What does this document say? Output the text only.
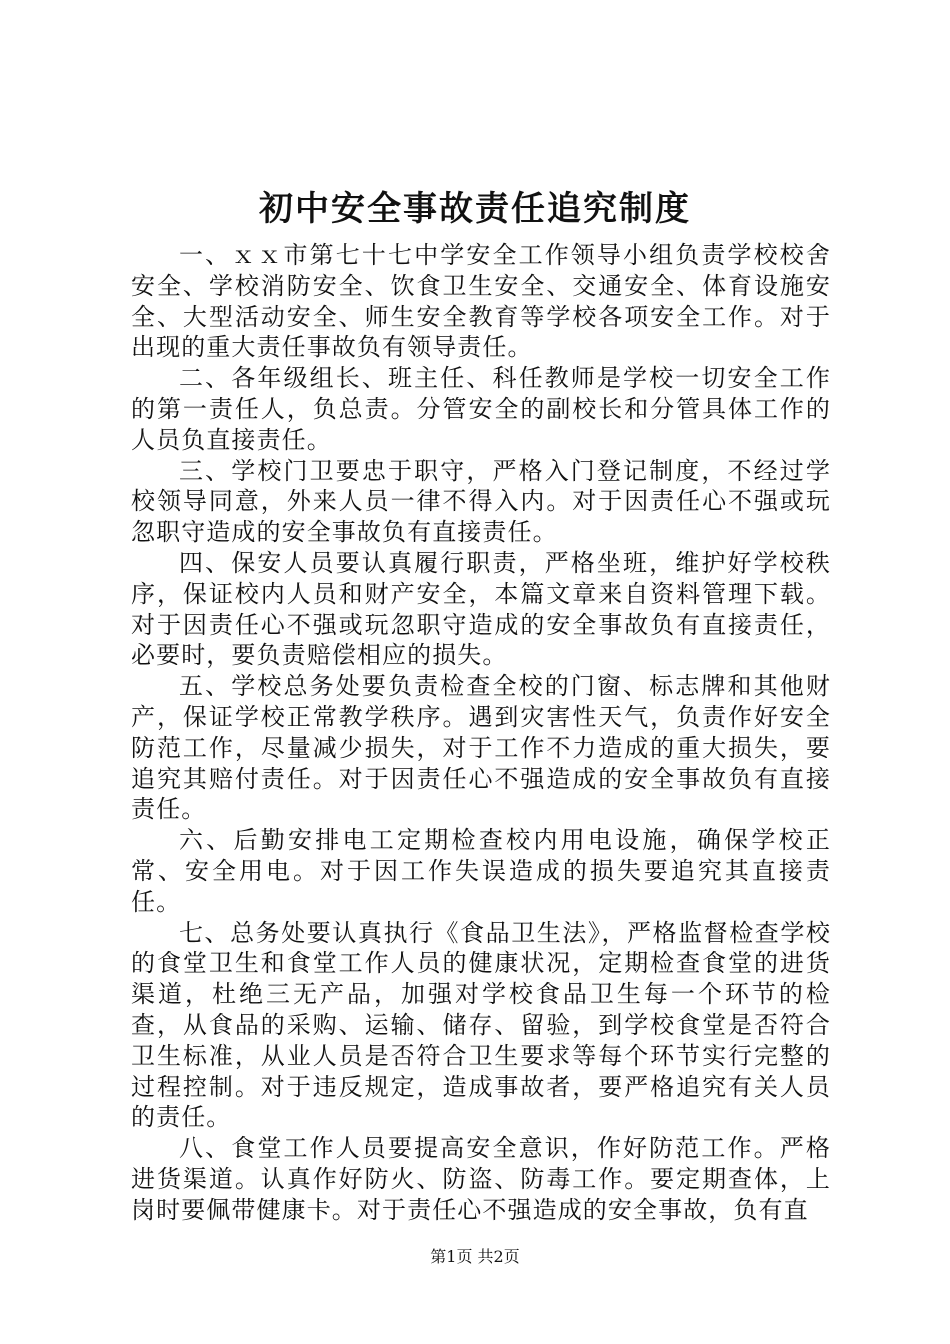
初中安全事故责任追究制度

一、ｘｘ市第七十七中学安全工作领导小组负责学校校舍安全、学校消防安全、饮食卫生安全、交通安全、体育设施安全、大型活动安全、师生安全教育等学校各项安全工作。对于出现的重大责任事故负有领导责任。

二、各年级组长、班主任、科任教师是学校一切安全工作的第一责任人，负总责。分管安全的副校长和分管具体工作的人员负直接责任。

三、学校门卫要忠于职守，严格入门登记制度，不经过学校领导同意，外来人员一律不得入内。对于因责任心不强或玩忽职守造成的安全事故负有直接责任。

四、保安人员要认真履行职责，严格坐班，维护好学校秩序，保证校内人员和财产安全，本篇文章来自资料管理下载。对于因责任心不强或玩忽职守造成的安全事故负有直接责任，必要时，要负责赔偿相应的损失。

五、学校总务处要负责检查全校的门窗、标志牌和其他财产，保证学校正常教学秩序。遇到灾害性天气，负责作好安全防范工作，尽量减少损失，对于工作不力造成的重大损失，要追究其赔付责任。对于因责任心不强造成的安全事故负有直接责任。

六、后勤安排电工定期检查校内用电设施，确保学校正常、安全用电。对于因工作失误造成的损失要追究其直接责任。

七、总务处要认真执行《食品卫生法》，严格监督检查学校的食堂卫生和食堂工作人员的健康状况，定期检查食堂的进货渠道，杜绝三无产品，加强对学校食品卫生每一个环节的检查，从食品的采购、运输、储存、留验，到学校食堂是否符合卫生标准，从业人员是否符合卫生要求等每个环节实行完整的过程控制。对于违反规定，造成事故者，要严格追究有关人员的责任。

八、食堂工作人员要提高安全意识，作好防范工作。严格进货渠道。认真作好防火、防盗、防毒工作。要定期查体，上岗时要佩带健康卡。对于责任心不强造成的安全事故，负有直

第1页 共2页
